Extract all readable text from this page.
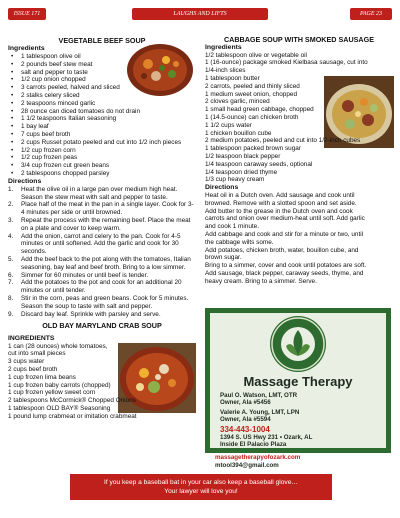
ISSUE 171	LAUGHS AND LIFTS	PAGE 23
VEGETABLE BEEF SOUP
Ingredients
• 1 tablespoon olive oil
• 2 pounds beef stew meat
• salt and pepper to taste
• 1/2 cup onion chopped
• 3 carrots peeled, halved and sliced
• 2 stalks celery sliced
• 2 teaspoons minced garlic
• 28 ounce can diced tomatoes do not drain
• 1 1/2 teaspoons Italian seasoning
• 1 bay leaf
• 7 cups beef broth
• 2 cups Russet potato peeled and cut into 1/2 inch pieces
• 1/2 cup frozen corn
• 1/2 cup frozen peas
• 3/4 cup frozen cut green beans
• 2 tablespoons chopped parsley
Directions
1. Heat the olive oil in a large pan over medium high heat. Season the stew meat with salt and pepper to taste.
2. Place half of the meat in the pan in a single layer. Cook for 3-4 minutes per side or until browned.
3. Repeat the process with the remaining beef. Place the meat on a plate and cover to keep warm.
4. Add the onion, carrot and celery to the pan. Cook for 4-5 minutes or until softened. Add the garlic and cook for 30 seconds.
5. Add the beef back to the pot along with the tomatoes, Italian seasoning, bay leaf and beef broth. Bring to a low simmer.
6. Simmer for 60 minutes or until beef is tender.
7. Add the potatoes to the pot and cook for an additional 20 minutes or until tender.
8. Stir in the corn, peas and green beans. Cook for 5 minutes. Season the soup to taste with salt and pepper.
9. Discard bay leaf. Sprinkle with parsley and serve.
OLD BAY MARYLAND CRAB SOUP
INGREDIENTS
1 can (28 ounces) whole tomatoes,
cut into small pieces
3 cups water
2 cups beef broth
1 cup frozen lima beans
1 cup frozen baby carrots (chopped)
1 cup frozen yellow sweet corn
2 tablespoons McCormick® Chopped Onions
1 tablespoon OLD BAY® Seasoning
1 pound lump crabmeat or imitation crabmeat
CABBAGE SOUP WITH SMOKED SAUSAGE
Ingredients
1/2 tablespoon olive or vegetable oil
1 (16-ounce) package smoked Kielbasa sausage, cut into
1/4-inch slices
1 tablespoon butter
2 carrots, peeled and thinly sliced
1 medium sweet onion, chopped
2 cloves garlic, minced
1 small head green cabbage, chopped
1 (14.5-ounce) can chicken broth
1 1/2 cups water
1 chicken bouillon cube
2 medium potatoes, peeled and cut into 1/2-inch cubes
1 tablespoon packed brown sugar
1/2 teaspoon black pepper
1/4 teaspoon caraway seeds, optional
1/4 teaspoon dried thyme
1/3 cup heavy cream
Directions
Heat oil in a Dutch oven. Add sausage and cook until
browned. Remove with a slotted spoon and set aside.
Add butter to the grease in the Dutch oven and cook
carrots and onion over medium-heat until soft. Add garlic
and cook 1 minute.
Add cabbage and cook and stir for a minute or two, until
the cabbage wilts some.
Add potatoes, chicken broth, water, bouillon cube, and
brown sugar.
Bring to a simmer, cover and cook until potatoes are soft.
Add sausage, black pepper, caraway seeds, thyme, and
heavy cream. Bring to a simmer. Serve.
Massage Therapy
Paul O. Watson, LMT, OTR
Owner, Ala #5456
Valerie A. Young, LMT, LPN
Owner, Ala #5594
334-443-1004
1394 S. US Hwy 231 • Ozark, AL
Inside El Palacio Plaza
massagetherapyofozark.com
mtool394@gmail.com
If you keep a baseball bat in your car also keep a baseball glove…
Your lawyer will love you!
